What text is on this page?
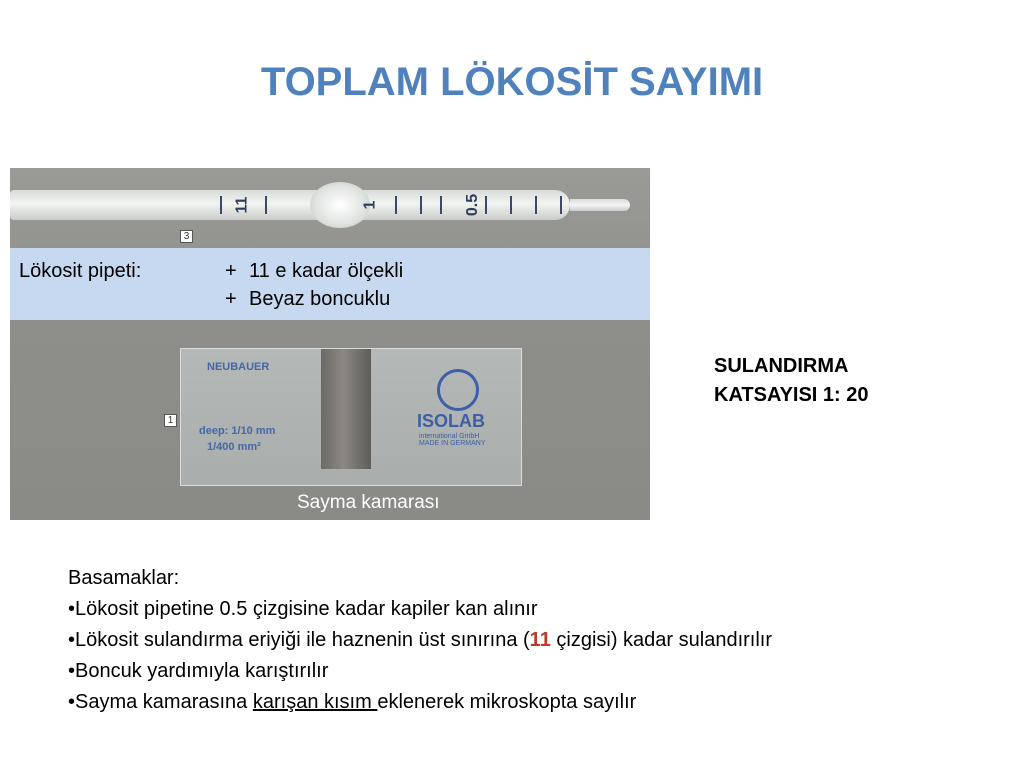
TOPLAM LÖKOSİT SAYIMI
11	1	0.5
3
NEUBAUER
deep: 1/10 mm
1/400 mm²
ISOLAB
international GmbH
MADE IN GERMANY
1
Lökosit pipeti:	+ 11 e kadar ölçekli
+ Beyaz boncuklu
Sayma kamarası
SULANDIRMA
KATSAYISI 1: 20
Basamaklar:
•Lökosit pipetine 0.5 çizgisine kadar kapiler kan alınır
•Lökosit sulandırma eriyiği ile haznenin üst sınırına (11 çizgisi) kadar sulandırılır
•Boncuk yardımıyla karıştırılır
•Sayma kamarasına karışan kısım eklenerek mikroskopta sayılır
